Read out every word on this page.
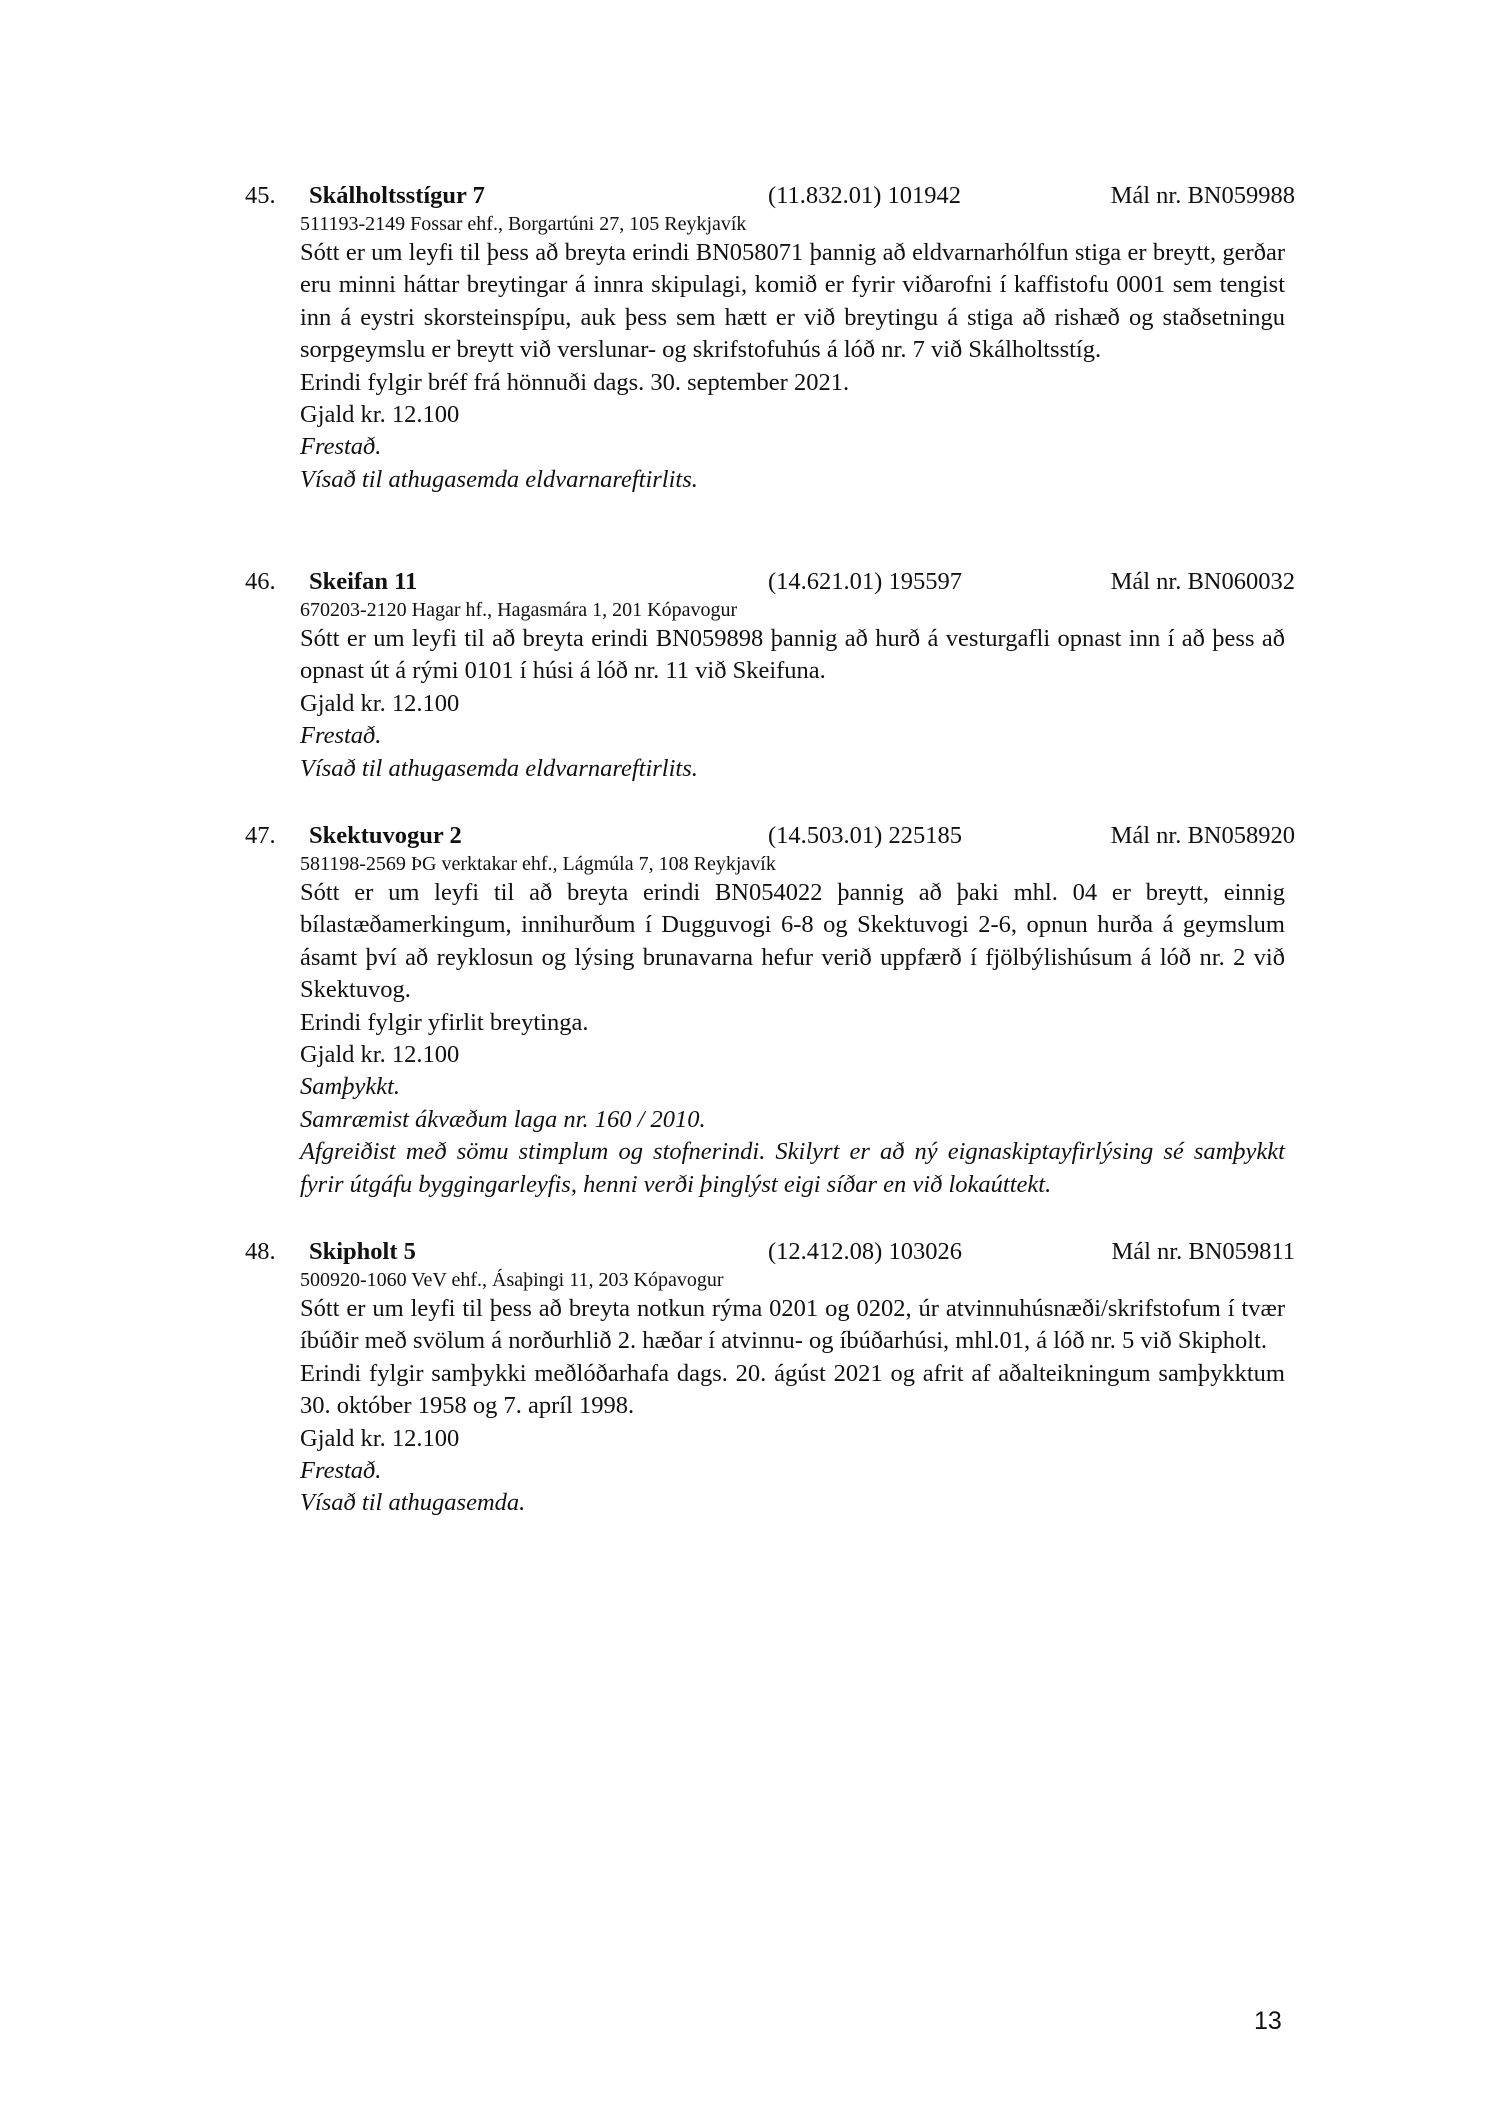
45. Skálholtsstígur 7	(11.832.01) 101942	Mál nr. BN059988

511193-2149 Fossar ehf., Borgartúni 27, 105 Reykjavík

Sótt er um leyfi til þess að breyta erindi BN058071 þannig að eldvarnarhólfun stiga er breytt, gerðar eru minni háttar breytingar á innra skipulagi, komið er fyrir viðarofni í kaffistofu 0001 sem tengist inn á eystri skorsteinspípu, auk þess sem hætt er við breytingu á stiga að rishæð og staðsetningu sorpgeymslu er breytt við verslunar- og skrifstofuhús á lóð nr. 7 við Skálholtsstíg.

Erindi fylgir bréf frá hönnuði dags. 30. september 2021.

Gjald kr. 12.100

Frestað.

Vísað til athugasemda eldvarnareftirlits.

46. Skeifan 11	(14.621.01) 195597	Mál nr. BN060032

670203-2120 Hagar hf., Hagasmára 1, 201 Kópavogur

Sótt er um leyfi til að breyta erindi BN059898 þannig að hurð á vesturgafli opnast inn í að þess að opnast út á rými 0101 í húsi á lóð nr. 11 við Skeifuna.

Gjald kr. 12.100

Frestað.

Vísað til athugasemda eldvarnareftirlits.

47. Skektuvogur 2	(14.503.01) 225185	Mál nr. BN058920

581198-2569 ÞG verktakar ehf., Lágmúla 7, 108 Reykjavík

Sótt er um leyfi til að breyta erindi BN054022 þannig að þaki mhl. 04 er breytt, einnig bílastæðamerkingum, innihurðum í Dugguvogi 6-8 og Skektuvogi 2-6, opnun hurða á geymslum ásamt því að reyklosun og lýsing brunavarna hefur verið uppfærð í fjölbýlishúsum á lóð nr. 2 við Skektuvog.

Erindi fylgir yfirlit breytinga.

Gjald kr. 12.100

Samþykkt.

Samræmist ákvæðum laga nr. 160 / 2010.

Afgreiðist með sömu stimplum og stofnerindi. Skilyrt er að ný eignaskiptayfirlýsing sé samþykkt fyrir útgáfu byggingarleyfis, henni verði þinglýst eigi síðar en við lokaúttekt.

48. Skipholt 5	(12.412.08) 103026	Mál nr. BN059811

500920-1060 VeV ehf., Ásaþingi 11, 203 Kópavogur

Sótt er um leyfi til þess að breyta notkun rýma 0201 og 0202, úr atvinnuhúsnæði/skrifstofum í tvær íbúðir með svölum á norðurhlið 2. hæðar í atvinnu- og íbúðarhúsi, mhl.01, á lóð nr. 5 við Skipholt.

Erindi fylgir samþykki meðlóðarhafa dags. 20. ágúst 2021 og afrit af aðalteikningum samþykktum 30. október 1958 og 7. apríl 1998.

Gjald kr. 12.100

Frestað.

Vísað til athugasemda.

13
